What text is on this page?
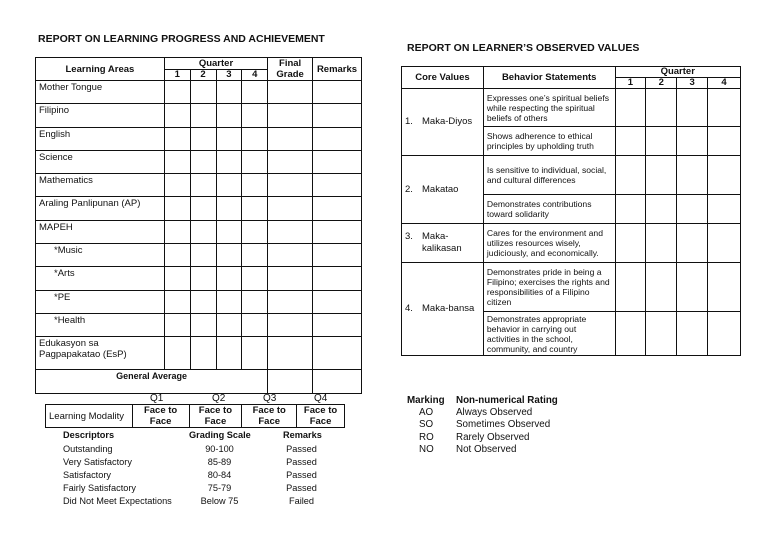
REPORT ON LEARNING PROGRESS AND ACHIEVEMENT
Learning Areas	Quarter				Final Grade	Remarks
	1	2	3	4		
Mother Tongue						
Filipino						
English						
Science						
Mathematics						
Araling Panlipunan (AP)						
MAPEH						
*Music						
*Arts						
*PE						
*Health						
Edukasyon sa Pagpapakatao (EsP)						
General Average						
Q1	Q2	Q3	Q4
Learning Modality	Face to Face	Face to Face	Face to Face	Face to Face
Descriptors	Grading Scale	Remarks
Outstanding	90-100	Passed
Very Satisfactory	85-89	Passed
Satisfactory	80-84	Passed
Fairly Satisfactory	75-79	Passed
Did Not Meet Expectations	Below 75	Failed
REPORT ON LEARNER’S OBSERVED VALUES
Core Values	Behavior Statements	Quarter			
		1	2	3	4

1. Maka-Diyos	Expresses one’s spiritual beliefs while respecting the spiritual beliefs of others				
	Shows adherence to ethical principles by upholding truth				

2. Makatao	Is sensitive to individual, social, and cultural differences				
	Demonstrates contributions toward solidarity				

3. Maka-kalikasan	Cares for the environment and utilizes resources wisely, judiciously, and economically.				

4. Maka-bansa	Demonstrates pride in being a Filipino; exercises the rights and responsibilities of a Filipino citizen				
	Demonstrates appropriate behavior in carrying out activities in the school, community, and country				
Marking Non-numerical Rating
AO Always Observed
SO Sometimes Observed
RO Rarely Observed
NO Not Observed
